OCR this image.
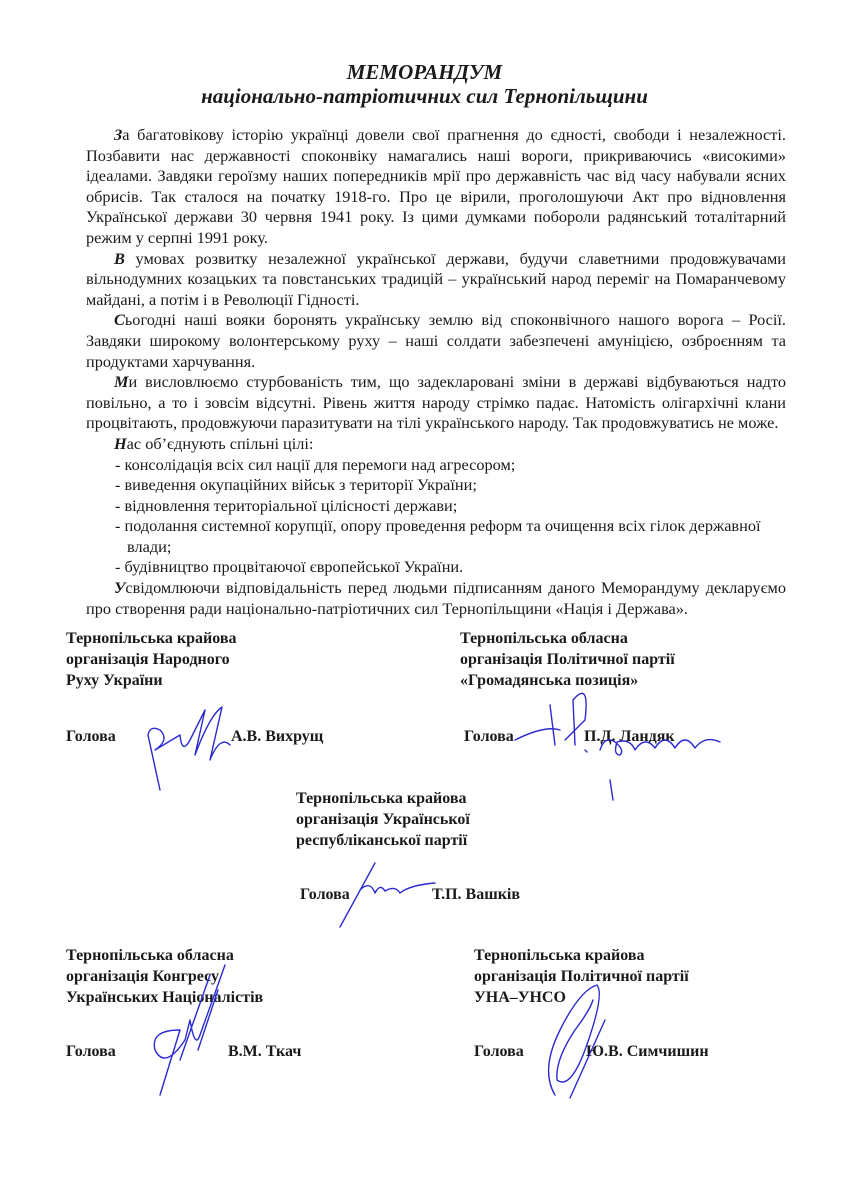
МЕМОРАНДУМ
національно-патріотичних сил Тернопільщини

За багатовікову історію українці довели свої прагнення до єдності, свободи і незалежності. Позбавити нас державності споконвіку намагались наші вороги, прикриваючись «високими» ідеалами. Завдяки героїзму наших попередників мрії про державність час від часу набували ясних обрисів. Так сталося на початку 1918-го. Про це вірили, проголошуючи Акт про відновлення Української держави 30 червня 1941 року. Із цими думками побороли радянський тоталітарний режим у серпні 1991 року.

В умовах розвитку незалежної української держави, будучи славетними продовжувачами вільнодумних козацьких та повстанських традицій – український народ переміг на Помаранчевому майдані, а потім і в Революції Гідності.

Сьогодні наші вояки боронять українську землю від споконвічного нашого ворога – Росії. Завдяки широкому волонтерському руху – наші солдати забезпечені амуніцією, озброєнням та продуктами харчування.

Ми висловлюємо стурбованість тим, що задекларовані зміни в державі відбуваються надто повільно, а то і зовсім відсутні. Рівень життя народу стрімко падає. Натомість олігархічні клани процвітають, продовжуючи паразитувати на тілі українського народу. Так продовжуватись не може.

Нас об’єднують спільні цілі:

- консолідація всіх сил нації для перемоги над агресором;
- виведення окупаційних військ з території України;
- відновлення територіальної цілісності держави;
- подолання системної корупції, опору проведення реформ та очищення всіх гілок державної влади;
- будівництво процвітаючої європейської України.

Усвідомлюючи відповідальність перед людьми підписанням даного Меморандуму декларуємо про створення ради національно-патріотичних сил Тернопільщини «Нація і Держава».

Тернопільська крайова
організація Народного
Руху України
Голова	А.В. Вихрущ
Тернопільська обласна
організація Політичної партії
«Громадянська позиція»
Голова	П.Д. Ландяк
Тернопільська крайова
організація Української
республіканської партії
Голова	Т.П. Вашків
Тернопільська обласна
організація Конгресу
Українських Націоналістів
Голова	В.М. Ткач
Тернопільська крайова
організація Політичної партії
УНА–УНСО
Голова	Ю.В. Симчишин
